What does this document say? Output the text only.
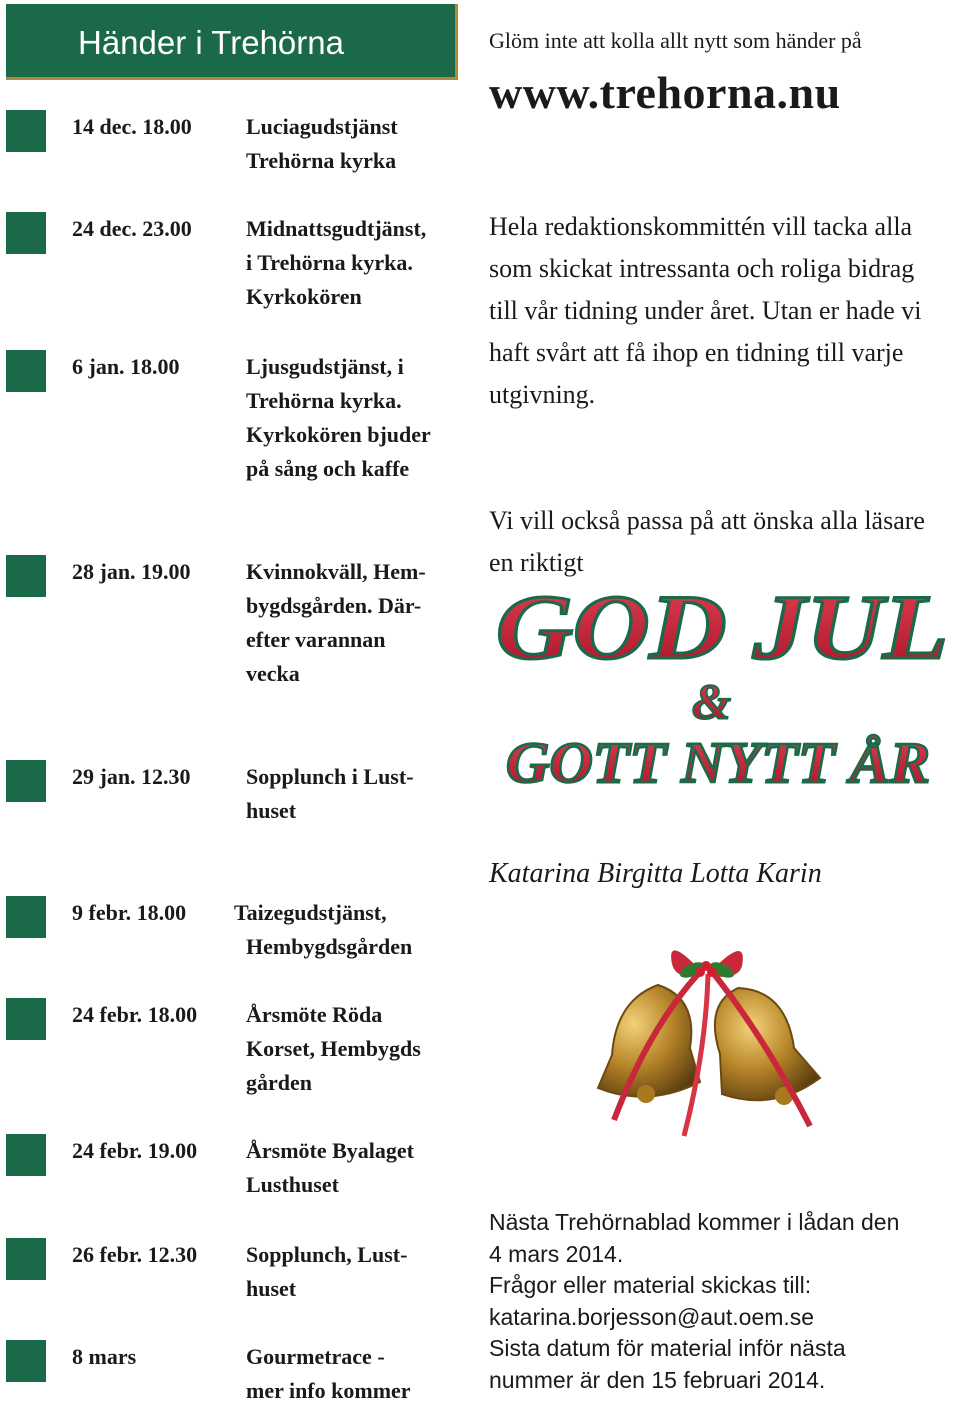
Händer i Trehörna
14 dec. 18.00 Luciagudstjänst
Trehörna kyrka
24 dec. 23.00 Midnattsgudtjänst,
i Trehörna kyrka.
Kyrkokören
6 jan. 18.00	Ljusgudstjänst, i
Trehörna kyrka.
Kyrkokören bjuder
på sång och kaffe
28 jan. 19.00	Kvinnokväll, Hem-
bygdsgården. Där-
efter varannan
vecka
29 jan. 12.30	Sopplunch i Lust-
huset
9 febr. 18.00 Taizegudstjänst,
Hembygdsgården
24 febr. 18.00 Årsmöte Röda
Korset, Hembygds
gården
24 febr. 19.00 Årsmöte Byalaget
Lusthuset
26 febr. 12.30 Sopplunch, Lust-
huset
8 mars	Gourmetrace -
mer info kommer
Glöm inte att kolla allt nytt som händer på
www.trehorna.nu
Hela redaktionskommittén vill tacka alla som skickat intressanta och roliga bidrag till vår tidning under året. Utan er hade vi haft svårt att få ihop en tidning till varje utgivning.
Vi vill också passa på att önska alla läsare en riktigt
GOD JUL
&
GOTT NYTT ÅR
Katarina Birgitta Lotta Karin
Nästa Trehörnablad kommer i lådan den
4 mars 2014.
Frågor eller material skickas till:
katarina.borjesson@aut.oem.se
Sista datum för material inför nästa
nummer är den 15 februari 2014.
